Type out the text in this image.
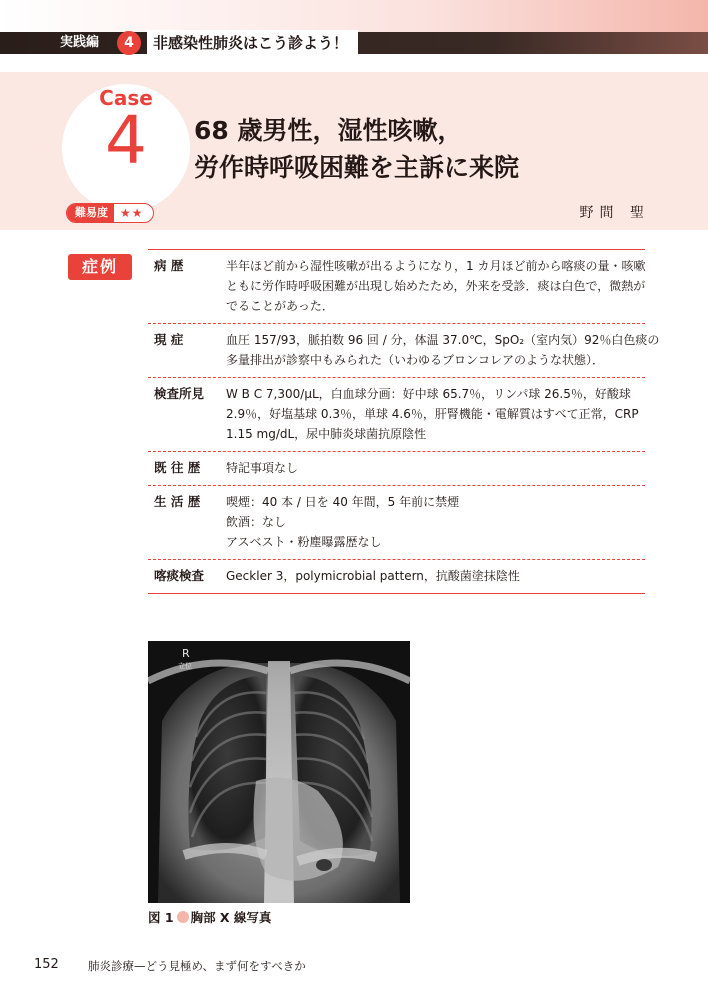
実践編	4	非感染性肺炎はこう診よう！
Case
4	68 歳男性，湿性咳嗽，
労作時呼吸困難を主訴に来院
難易度	★★	野間 聖
症例	病 歴	半年ほど前から湿性咳嗽が出るようになり，1 カ月ほど前から喀痰の量・咳嗽
ともに労作時呼吸困難が出現し始めたため，外来を受診．痰は白色で，微熱が
でることがあった．
現 症	血圧 157/93，脈拍数 96 回 / 分，体温 37.0℃，SpO₂（室内気）92％白色痰の
多量排出が診察中もみられた（いわゆるブロンコレアのような状態）．
検査所見	W B C 7,300/μL，白血球分画：好中球 65.7％，リンパ球 26.5％，好酸球
2.9％，好塩基球 0.3％，単球 4.6％，肝腎機能・電解質はすべて正常，CRP
1.15 mg/dL，尿中肺炎球菌抗原陰性
既 往 歴	特記事項なし
生 活 歴	喫煙：40 本 / 日を 40 年間，5 年前に禁煙
飲酒：なし
アスベスト・粉塵曝露歴なし
喀痰検査	Geckler 3，polymicrobial pattern，抗酸菌塗抹陰性
R
立位
図 1 胸部 X 線写真
152	肺炎診療—どう見極め、まず何をすべきか
